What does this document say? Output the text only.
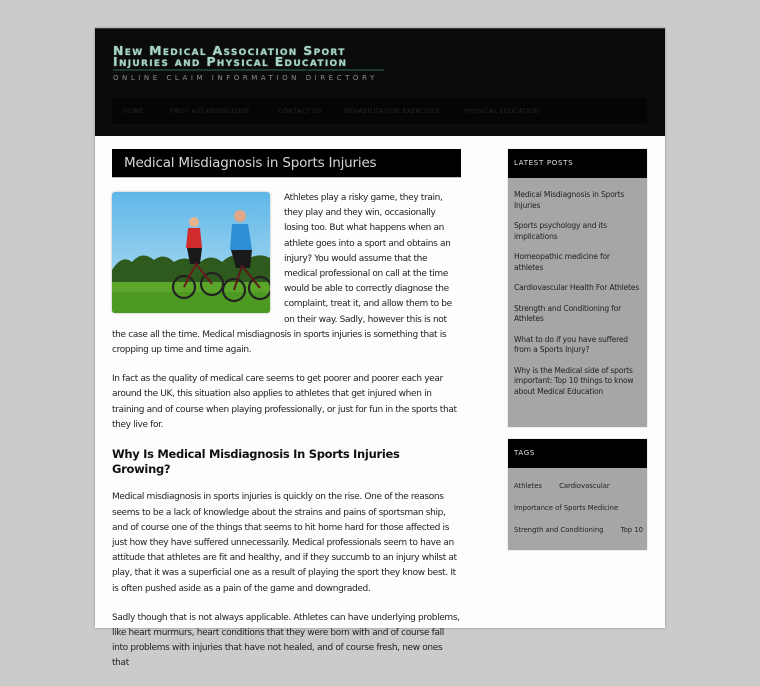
New Medical Association Sport
Injuries and Physical Education
ONLINE CLAIM INFORMATION DIRECTORY
HOME	FIRST AID KNOWLEDGE	CONTACT US	REHABILITATION EXERCISES	PHYSICAL EDUCATION
Medical Misdiagnosis in Sports Injuries

Athletes play a risky game, they train, they play and they win, occasionally losing too. But what happens when an athlete goes into a sport and obtains an injury? You would assume that the medical professional on call at the time would be able to correctly diagnose the complaint, treat it, and allow them to be on their way. Sadly, however this is not the case all the time. Medical misdiagnosis in sports injuries is something that is cropping up time and time again.

In fact as the quality of medical care seems to get poorer and poorer each year around the UK, this situation also applies to athletes that get injured when in training and of course when playing professionally, or just for fun in the sports that they live for.

Why Is Medical Misdiagnosis In Sports Injuries Growing?

Medical misdiagnosis in sports injuries is quickly on the rise. One of the reasons seems to be a lack of knowledge about the strains and pains of sportsman ship, and of course one of the things that seems to hit home hard for those affected is just how they have suffered unnecessarily. Medical professionals seem to have an attitude that athletes are fit and healthy, and if they succumb to an injury whilst at play, that it was a superficial one as a result of playing the sport they know best. It is often pushed aside as a pain of the game and downgraded.

Sadly though that is not always applicable. Athletes can have underlying problems, like heart murmurs, heart conditions that they were born with and of course fall into problems with injuries that have not healed, and of course fresh, new ones that

LATEST POSTS
Medical Misdiagnosis in Sports Injuries
Sports psychology and its implications
Homeopathic medicine for athletes
Cardiovascular Health For Athletes
Strength and Conditioning for Athletes
What to do if you have suffered from a Sports Injury?
Why is the Medical side of sports important: Top 10 things to know about Medical Education
TAGS
Athletes	Cardiovascular
Importance of Sports Medicine
Strength and Conditioning	Top 10
